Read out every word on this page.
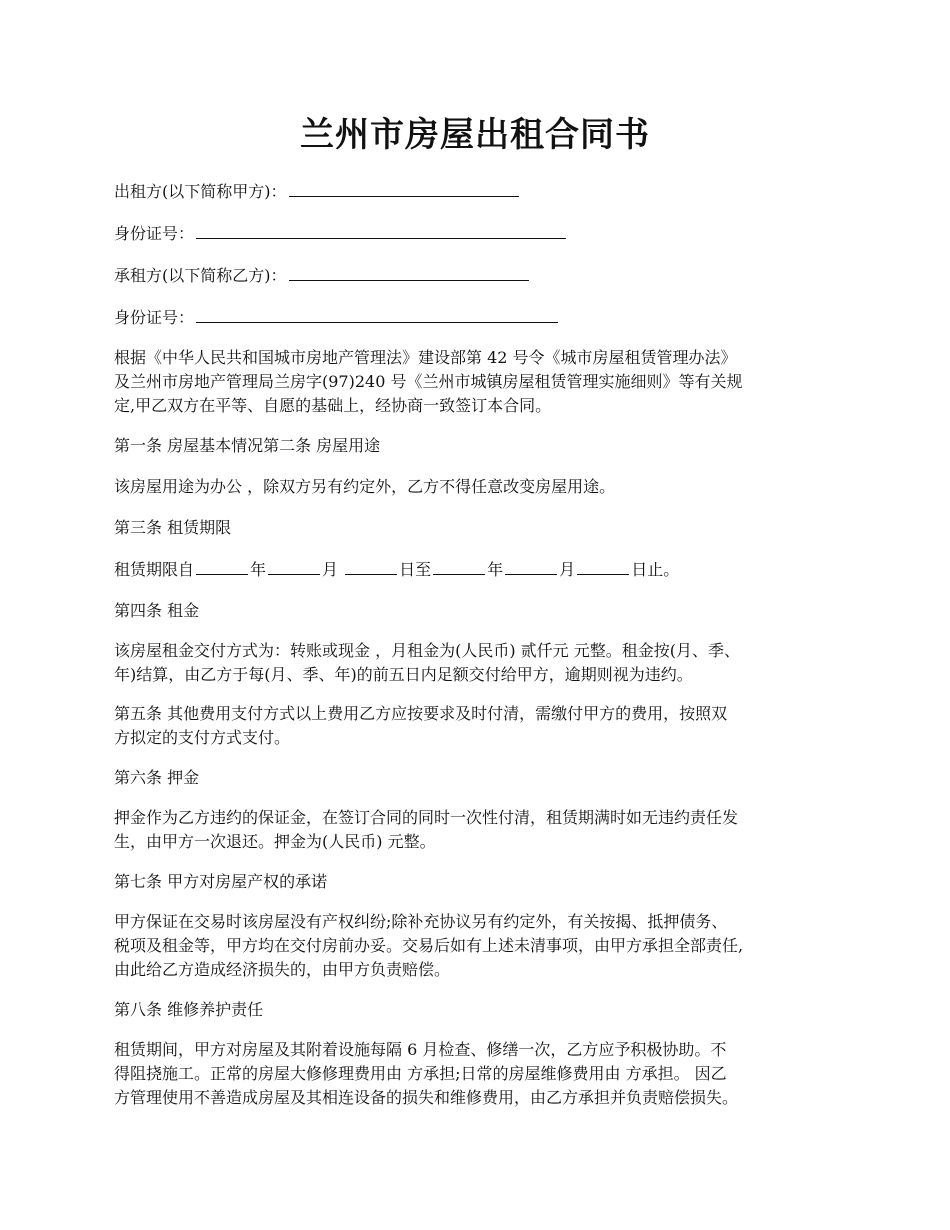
兰州市房屋出租合同书
出租方(以下简称甲方)：
身份证号：
承租方(以下简称乙方)：
身份证号：
根据《中华人民共和国城市房地产管理法》建设部第 42 号令《城市房屋租赁管理办法》
及兰州市房地产管理局兰房字(97)240 号《兰州市城镇房屋租赁管理实施细则》等有关规
定,甲乙双方在平等、自愿的基础上，经协商一致签订本合同。
第一条 房屋基本情况第二条 房屋用途
该房屋用途为办公 ，除双方另有约定外，乙方不得任意改变房屋用途。
第三条 租赁期限
租赁期限自	年	月	日至	年	月	日止。
第四条 租金
该房屋租金交付方式为：转账或现金 ，月租金为(人民币) 贰仟元 元整。租金按(月、季、
年)结算，由乙方于每(月、季、年)的前五日内足额交付给甲方，逾期则视为违约。
第五条 其他费用支付方式以上费用乙方应按要求及时付清，需缴付甲方的费用，按照双
方拟定的支付方式支付。
第六条 押金
押金作为乙方违约的保证金，在签订合同的同时一次性付清，租赁期满时如无违约责任发
生，由甲方一次退还。押金为(人民币) 元整。
第七条 甲方对房屋产权的承诺
甲方保证在交易时该房屋没有产权纠纷;除补充协议另有约定外，有关按揭、抵押债务、
税项及租金等，甲方均在交付房前办妥。交易后如有上述未清事项，由甲方承担全部责任,
由此给乙方造成经济损失的，由甲方负责赔偿。
第八条 维修养护责任
租赁期间，甲方对房屋及其附着设施每隔 6 月检查、修缮一次，乙方应予积极协助。不
得阻挠施工。正常的房屋大修修理费用由 方承担;日常的房屋维修费用由 方承担。 因乙
方管理使用不善造成房屋及其相连设备的损失和维修费用，由乙方承担并负责赔偿损失。
